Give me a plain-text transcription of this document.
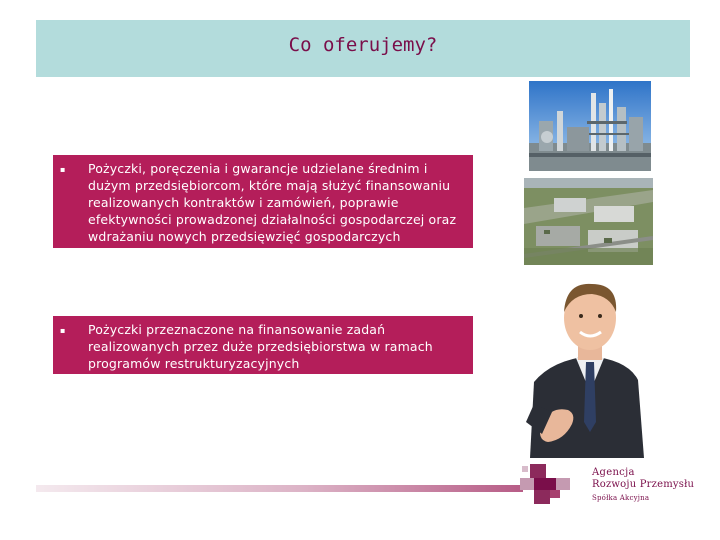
Co oferujemy?
▪ Pożyczki, poręczenia i gwarancje udzielane średnim i dużym przedsiębiorcom, które mają służyć finansowaniu realizowanych kontraktów i zamówień, poprawie efektywności prowadzonej działalności gospodarczej oraz wdrażaniu nowych przedsięwzięć gospodarczych
▪ Pożyczki przeznaczone na finansowanie zadań realizowanych przez duże przedsiębiorstwa w ramach programów restrukturyzacyjnych
Agencja
Rozwoju Przemysłu
Spółka Akcyjna
